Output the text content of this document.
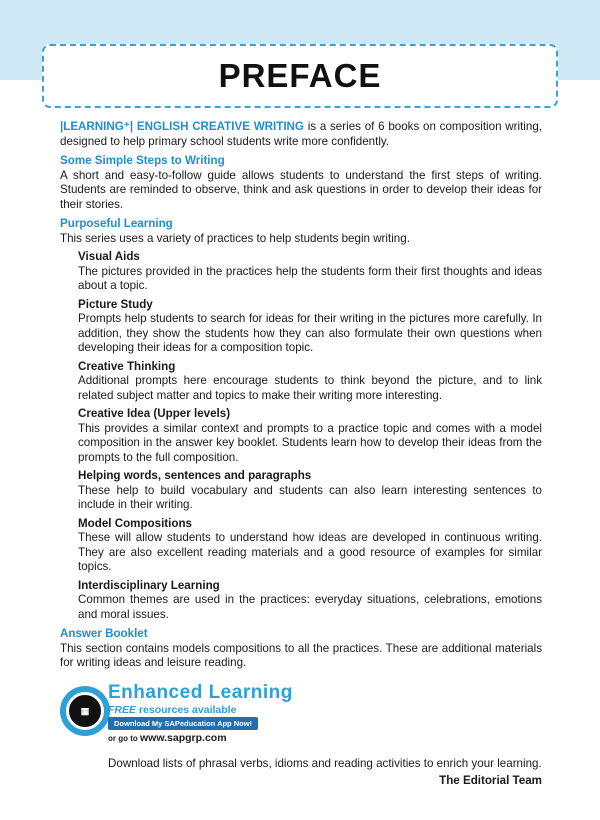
PREFACE

|LEARNING⁺| ENGLISH CREATIVE WRITING is a series of 6 books on composition writing, designed to help primary school students write more confidently.

Some Simple Steps to Writing

A short and easy-to-follow guide allows students to understand the first steps of writing. Students are reminded to observe, think and ask questions in order to develop their ideas for their stories.

Purposeful Learning

This series uses a variety of practices to help students begin writing.

Visual Aids

The pictures provided in the practices help the students form their first thoughts and ideas about a topic.

Picture Study

Prompts help students to search for ideas for their writing in the pictures more carefully. In addition, they show the students how they can also formulate their own questions when developing their ideas for a composition topic.

Creative Thinking

Additional prompts here encourage students to think beyond the picture, and to link related subject matter and topics to make their writing more interesting.

Creative Idea (Upper levels)

This provides a similar context and prompts to a practice topic and comes with a model composition in the answer key booklet. Students learn how to develop their ideas from the prompts to the full composition.

Helping words, sentences and paragraphs

These help to build vocabulary and students can also learn interesting sentences to include in their writing.

Model Compositions

These will allow students to understand how ideas are developed in continuous writing. They are also excellent reading materials and a good resource of examples for similar topics.

Interdisciplinary Learning

Common themes are used in the practices: everyday situations, celebrations, emotions and moral issues.

Answer Booklet

This section contains models compositions to all the practices. These are additional materials for writing ideas and leisure reading.

▦
Enhanced Learning
FREE resources available
Download My SAPeducation App Now!
or go to www.sapgrp.com

Download lists of phrasal verbs, idioms and reading activities to enrich your learning.

The Editorial Team
